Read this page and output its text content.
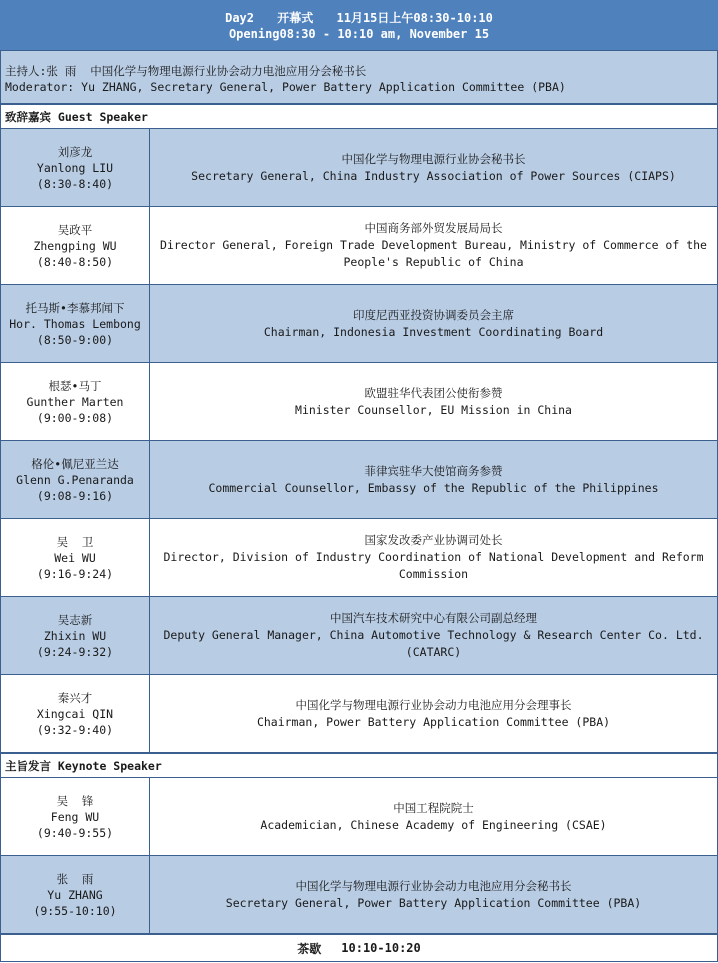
Day2 开幕式 11月15日上午08:30-10:10
Opening08:30 - 10:10 am, November 15
主持人:张 雨  中国化学与物理电源行业协会动力电池应用分会秘书长
Moderator: Yu ZHANG, Secretary General, Power Battery Application Committee (PBA)
致辞嘉宾 Guest Speaker
刘彦龙
Yanlong LIU
(8:30-8:40)
中国化学与物理电源行业协会秘书长
Secretary General, China Industry Association of Power Sources (CIAPS)
吴政平
Zhengping WU
(8:40-8:50)
中国商务部外贸发展局局长
Director General, Foreign Trade Development Bureau, Ministry of Commerce of the People's Republic of China
托马斯•李慕邦闻下
Hor. Thomas Lembong
(8:50-9:00)
印度尼西亚投资协调委员会主席
Chairman, Indonesia Investment Coordinating Board
根瑟•马丁
Gunther Marten
(9:00-9:08)
欧盟驻华代表团公使衔参赞
Minister Counsellor, EU Mission in China
格伦•佩尼亚兰达
Glenn G.Penaranda
(9:08-9:16)
菲律宾驻华大使馆商务参赞
Commercial Counsellor, Embassy of the Republic of the Philippines
吴  卫
Wei WU
(9:16-9:24)
国家发改委产业协调司处长
Director, Division of Industry Coordination of National Development and Reform Commission
吴志新
Zhixin WU
(9:24-9:32)
中国汽车技术研究中心有限公司副总经理
Deputy General Manager, China Automotive Technology & Research Center Co. Ltd. (CATARC)
秦兴才
Xingcai QIN
(9:32-9:40)
中国化学与物理电源行业协会动力电池应用分会理事长
Chairman, Power Battery Application Committee (PBA)
主旨发言 Keynote Speaker
吴  锋
Feng WU
(9:40-9:55)
中国工程院院士
Academician, Chinese Academy of Engineering (CSAE)
张  雨
Yu ZHANG
(9:55-10:10)
中国化学与物理电源行业协会动力电池应用分会秘书长
Secretary General, Power Battery Application Committee (PBA)
茶歇 10:10-10:20
